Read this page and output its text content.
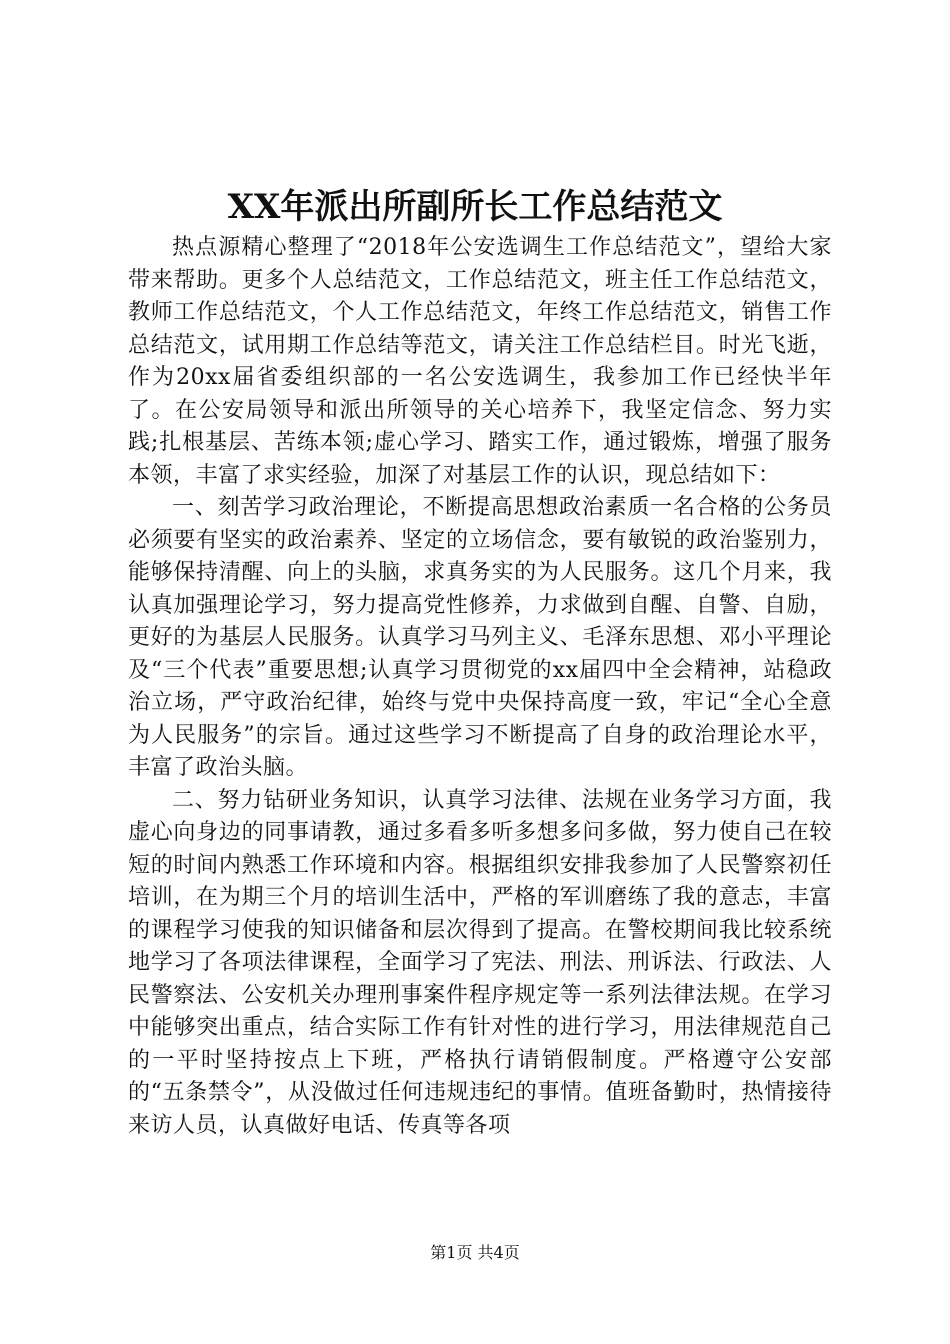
XX年派出所副所长工作总结范文

热点源精心整理了“2018年公安选调生工作总结范文”，望给大家带来帮助。更多个人总结范文，工作总结范文，班主任工作总结范文，教师工作总结范文，个人工作总结范文，年终工作总结范文，销售工作总结范文，试用期工作总结等范文，请关注工作总结栏目。时光飞逝，作为20xx届省委组织部的一名公安选调生，我参加工作已经快半年了。在公安局领导和派出所领导的关心培养下，我坚定信念、努力实践;扎根基层、苦练本领;虚心学习、踏实工作，通过锻炼，增强了服务本领，丰富了求实经验，加深了对基层工作的认识，现总结如下：

一、刻苦学习政治理论，不断提高思想政治素质一名合格的公务员必须要有坚实的政治素养、坚定的立场信念，要有敏锐的政治鉴别力，能够保持清醒、向上的头脑，求真务实的为人民服务。这几个月来，我认真加强理论学习，努力提高党性修养，力求做到自醒、自警、自励，更好的为基层人民服务。认真学习马列主义、毛泽东思想、邓小平理论及“三个代表”重要思想;认真学习贯彻党的xx届四中全会精神，站稳政治立场，严守政治纪律，始终与党中央保持高度一致，牢记“全心全意为人民服务”的宗旨。通过这些学习不断提高了自身的政治理论水平，丰富了政治头脑。

二、努力钻研业务知识，认真学习法律、法规在业务学习方面，我虚心向身边的同事请教，通过多看多听多想多问多做，努力使自己在较短的时间内熟悉工作环境和内容。根据组织安排我参加了人民警察初任培训，在为期三个月的培训生活中，严格的军训磨练了我的意志，丰富的课程学习使我的知识储备和层次得到了提高。在警校期间我比较系统地学习了各项法律课程，全面学习了宪法、刑法、刑诉法、行政法、人民警察法、公安机关办理刑事案件程序规定等一系列法律法规。在学习中能够突出重点，结合实际工作有针对性的进行学习，用法律规范自己的一平时坚持按点上下班，严格执行请销假制度。严格遵守公安部的“五条禁令”，从没做过任何违规违纪的事情。值班备勤时，热情接待来访人员，认真做好电话、传真等各项

第1页 共4页
